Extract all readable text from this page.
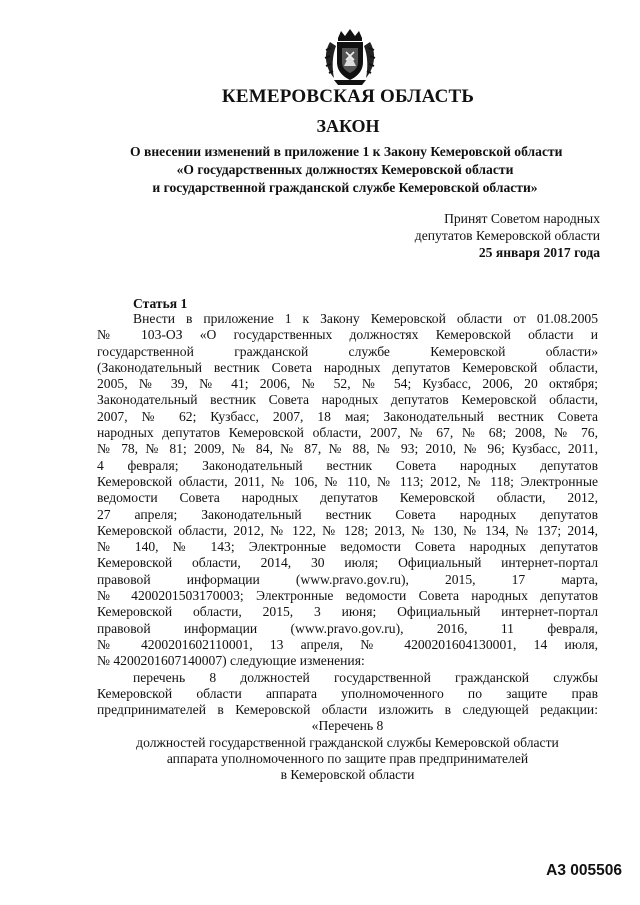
КЕМЕРОВСКАЯ ОБЛАСТЬ
ЗАКОН
О внесении изменений в приложение 1 к Закону Кемеровской области
«О государственных должностях Кемеровской области
и государственной гражданской службе Кемеровской области»
Принят Советом народных
депутатов Кемеровской области
25 января 2017 года
Статья 1
Внести в приложение 1 к Закону Кемеровской области от 01.08.2005
№ 103-ОЗ «О государственных должностях Кемеровской области и
государственной гражданской службе Кемеровской области»
(Законодательный вестник Совета народных депутатов Кемеровской области,
2005, № 39, № 41; 2006, № 52, № 54; Кузбасс, 2006, 20 октября;
Законодательный вестник Совета народных депутатов Кемеровской области,
2007, № 62; Кузбасс, 2007, 18 мая; Законодательный вестник Совета
народных депутатов Кемеровской области, 2007, № 67, № 68; 2008, № 76,
№ 78, № 81; 2009, № 84, № 87, № 88, № 93; 2010, № 96; Кузбасс, 2011,
4 февраля; Законодательный вестник Совета народных депутатов
Кемеровской области, 2011, № 106, № 110, № 113; 2012, № 118; Электронные
ведомости Совета народных депутатов Кемеровской области, 2012,
27 апреля; Законодательный вестник Совета народных депутатов
Кемеровской области, 2012, № 122, № 128; 2013, № 130, № 134, № 137; 2014,
№ 140, № 143; Электронные ведомости Совета народных депутатов
Кемеровской области, 2014, 30 июля; Официальный интернет-портал
правовой информации (www.pravo.gov.ru), 2015, 17 марта,
№ 4200201503170003; Электронные ведомости Совета народных депутатов
Кемеровской области, 2015, 3 июня; Официальный интернет-портал
правовой информации (www.pravo.gov.ru), 2016, 11 февраля,
№ 4200201602110001, 13 апреля, № 4200201604130001, 14 июля,
№ 4200201607140007) следующие изменения:
перечень 8 должностей государственной гражданской службы
Кемеровской области аппарата уполномоченного по защите прав
предпринимателей в Кемеровской области изложить в следующей редакции:
«Перечень 8
должностей государственной гражданской службы Кемеровской области
аппарата уполномоченного по защите прав предпринимателей
в Кемеровской области
А3 005506
